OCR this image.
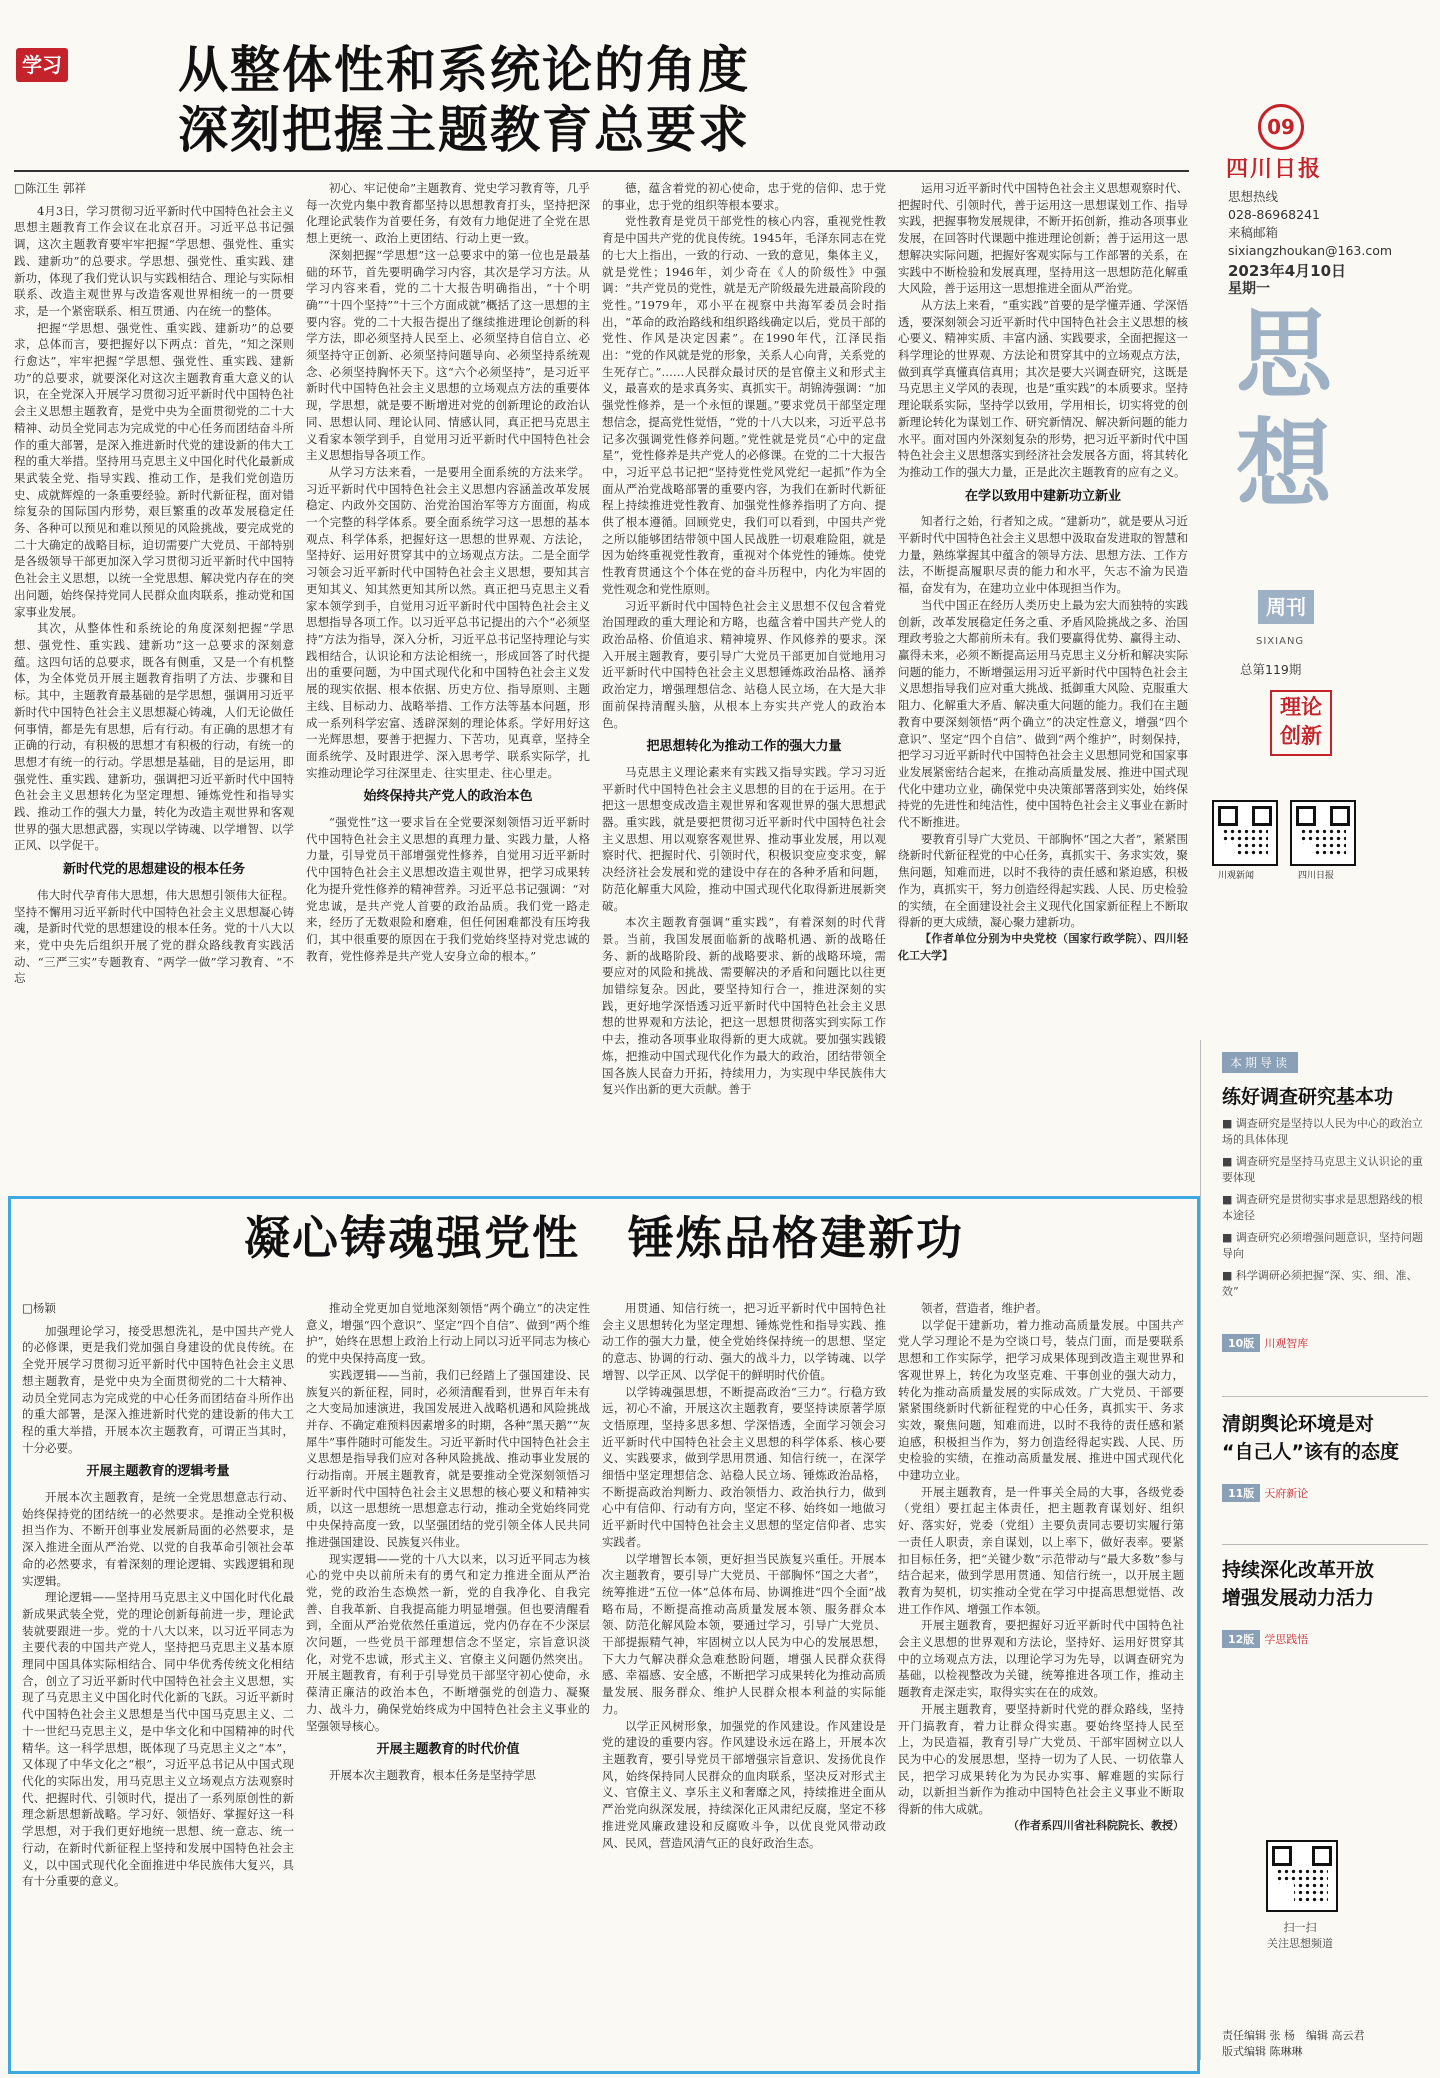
学习 从整体性和系统论的角度
深刻把握主题教育总要求	09
四川日报
思想热线
028-86968241
来稿邮箱
sixiangzhoukan@163.com
2023年4月10日
星期一
思想
周刊
SIXIANG
总第119期
理论
创新
川观新闻	四川日报

□陈江生 郭祥

4月3日，学习贯彻习近平新时代中国特色社会主义思想主题教育工作会议在北京召开。习近平总书记强调，这次主题教育要牢牢把握“学思想、强党性、重实践、建新功”的总要求。学思想、强党性、重实践、建新功，体现了我们党认识与实践相结合、理论与实际相联系、改造主观世界与改造客观世界相统一的一贯要求，是一个紧密联系、相互贯通、内在统一的整体。

把握“学思想、强党性、重实践、建新功”的总要求，总体而言，要把握好以下两点：首先，“知之深则行愈达”，牢牢把握“学思想、强党性、重实践、建新功”的总要求，就要深化对这次主题教育重大意义的认识，在全党深入开展学习贯彻习近平新时代中国特色社会主义思想主题教育，是党中央为全面贯彻党的二十大精神、动员全党同志为完成党的中心任务而团结奋斗所作的重大部署，是深入推进新时代党的建设新的伟大工程的重大举措。坚持用马克思主义中国化时代化最新成果武装全党、指导实践、推动工作，是我们党创造历史、成就辉煌的一条重要经验。新时代新征程，面对错综复杂的国际国内形势，艰巨繁重的改革发展稳定任务、各种可以预见和难以预见的风险挑战，要完成党的二十大确定的战略目标，迫切需要广大党员、干部特别是各级领导干部更加深入学习贯彻习近平新时代中国特色社会主义思想，以统一全党思想、解决党内存在的突出问题，始终保持党同人民群众血肉联系，推动党和国家事业发展。

其次，从整体性和系统论的角度深刻把握“学思想、强党性、重实践、建新功”这一总要求的深刻意蕴。这四句话的总要求，既各有侧重，又是一个有机整体，为全体党员开展主题教育指明了方法、步骤和目标。其中，主题教育最基础的是学思想，强调用习近平新时代中国特色社会主义思想凝心铸魂，人们无论做任何事情，都是先有思想，后有行动。有正确的思想才有正确的行动，有积极的思想才有积极的行动，有统一的思想才有统一的行动。学思想是基础，目的是运用，即强党性、重实践、建新功，强调把习近平新时代中国特色社会主义思想转化为坚定理想、锤炼党性和指导实践、推动工作的强大力量，转化为改造主观世界和客观世界的强大思想武器，实现以学铸魂、以学增智、以学正风、以学促干。

新时代党的思想建设的根本任务

伟大时代孕育伟大思想，伟大思想引领伟大征程。坚持不懈用习近平新时代中国特色社会主义思想凝心铸魂，是新时代党的思想建设的根本任务。党的十八大以来，党中央先后组织开展了党的群众路线教育实践活动、“三严三实”专题教育、“两学一做”学习教育、“不忘

初心、牢记使命”主题教育、党史学习教育等，几乎每一次党内集中教育都坚持以思想教育打头，坚持把深化理论武装作为首要任务，有效有力地促进了全党在思想上更统一、政治上更团结、行动上更一致。

深刻把握“学思想”这一总要求中的第一位也是最基础的环节，首先要明确学习内容，其次是学习方法。从学习内容来看，党的二十大报告明确指出，“十个明确”“十四个坚持”“十三个方面成就”概括了这一思想的主要内容。党的二十大报告提出了继续推进理论创新的科学方法，即必须坚持人民至上、必须坚持自信自立、必须坚持守正创新、必须坚持问题导向、必须坚持系统观念、必须坚持胸怀天下。这“六个必须坚持”，是习近平新时代中国特色社会主义思想的立场观点方法的重要体现，学思想，就是要不断增进对党的创新理论的政治认同、思想认同、理论认同、情感认同，真正把马克思主义看家本领学到手，自觉用习近平新时代中国特色社会主义思想指导各项工作。

从学习方法来看，一是要用全面系统的方法来学。习近平新时代中国特色社会主义思想内容涵盖改革发展稳定、内政外交国防、治党治国治军等方方面面，构成一个完整的科学体系。要全面系统学习这一思想的基本观点、科学体系，把握好这一思想的世界观、方法论，坚持好、运用好贯穿其中的立场观点方法。二是全面学习领会习近平新时代中国特色社会主义思想，要知其言更知其义、知其然更知其所以然。真正把马克思主义看家本领学到手，自觉用习近平新时代中国特色社会主义思想指导各项工作。以习近平总书记提出的六个“必须坚持”方法为指导，深入分析，习近平总书记坚持理论与实践相结合，认识论和方法论相统一，形成回答了时代提出的重要问题，为中国式现代化和中国特色社会主义发展的现实依据、根本依据、历史方位、指导原则、主题主线、目标动力、战略举措、工作方法等基本问题，形成一系列科学宏富、透辟深刻的理论体系。学好用好这一光辉思想，要善于把握力、下苦功，见真章，坚持全面系统学、及时跟进学、深入思考学、联系实际学，扎实推动理论学习往深里走、往实里走、往心里走。

始终保持共产党人的政治本色

“强党性”这一要求旨在全党要深刻领悟习近平新时代中国特色社会主义思想的真理力量、实践力量，人格力量，引导党员干部增强党性修养，自觉用习近平新时代中国特色社会主义思想改造主观世界，把学习成果转化为提升党性修养的精神营养。习近平总书记强调：“对党忠诚，是共产党人首要的政治品质。我们党一路走来，经历了无数艰险和磨难，但任何困难都没有压垮我们，其中很重要的原因在于我们党始终坚持对党忠诚的教育，党性修养是共产党人安身立命的根本。”

德，蕴含着党的初心使命，忠于党的信仰、忠于党的事业，忠于党的组织等根本要求。

党性教育是党员干部党性的核心内容，重视党性教育是中国共产党的优良传统。1945年，毛泽东同志在党的七大上指出，一致的行动、一致的意见，集体主义，就是党性；1946年，刘少奇在《人的阶级性》中强调：“共产党员的党性，就是无产阶级最先进最高阶段的党性。”1979年，邓小平在视察中共海军委员会时指出，“革命的政治路线和组织路线确定以后，党员干部的党性、作风是决定因素”。在1990年代，江泽民指出：“党的作风就是党的形象，关系人心向背，关系党的生死存亡。”……人民群众最讨厌的是官僚主义和形式主义，最喜欢的是求真务实、真抓实干。胡锦涛强调：“加强党性修养，是一个永恒的课题。”要求党员干部坚定理想信念，提高党性觉悟，“党的十八大以来，习近平总书记多次强调党性修养问题。”党性就是党员“心中的定盘星”，党性修养是共产党人的必修课。在党的二十大报告中，习近平总书记把“坚持党性党风党纪一起抓”作为全面从严治党战略部署的重要内容，为我们在新时代新征程上持续推进党性教育、加强党性修养指明了方向、提供了根本遵循。回顾党史，我们可以看到，中国共产党之所以能够团结带领中国人民战胜一切艰难险阻，就是因为始终重视党性教育，重视对个体党性的锤炼。使党性教育贯通这个个体在党的奋斗历程中，内化为牢固的党性观念和党性原则。

习近平新时代中国特色社会主义思想不仅包含着党治国理政的重大理论和方略，也蕴含着中国共产党人的政治品格、价值追求、精神境界、作风修养的要求。深入开展主题教育，要引导广大党员干部更加自觉地用习近平新时代中国特色社会主义思想锤炼政治品格、涵养政治定力，增强理想信念、站稳人民立场，在大是大非面前保持清醒头脑，从根本上夯实共产党人的政治本色。

把思想转化为推动工作的强大力量

马克思主义理论素来有实践又指导实践。学习习近平新时代中国特色社会主义思想的目的在于运用。在于把这一思想变成改造主观世界和客观世界的强大思想武器。重实践，就是要把贯彻习近平新时代中国特色社会主义思想、用以观察客观世界、推动事业发展，用以观察时代、把握时代、引领时代，积极识变应变求变，解决经济社会发展和党的建设中存在的各种矛盾和问题，防范化解重大风险，推动中国式现代化取得新进展新突破。

本次主题教育强调“重实践”，有着深刻的时代背景。当前，我国发展面临新的战略机遇、新的战略任务、新的战略阶段、新的战略要求、新的战略环境，需要应对的风险和挑战、需要解决的矛盾和问题比以往更加错综复杂。因此，要坚持知行合一，推进深刻的实践，更好地学深悟透习近平新时代中国特色社会主义思想的世界观和方法论，把这一思想贯彻落实到实际工作中去，推动各项事业取得新的更大成就。要加强实践锻炼，把推动中国式现代化作为最大的政治，团结带领全国各族人民奋力开拓，持续用力，为实现中华民族伟大复兴作出新的更大贡献。善于

运用习近平新时代中国特色社会主义思想观察时代、把握时代、引领时代，善于运用这一思想谋划工作、指导实践，把握事物发展规律，不断开拓创新，推动各项事业发展，在回答时代课题中推进理论创新；善于运用这一思想解决实际问题，把握好客观实际与工作部署的关系，在实践中不断检验和发展真理，坚持用这一思想防范化解重大风险，善于运用这一思想推进全面从严治党。

从方法上来看，“重实践”首要的是学懂弄通、学深悟透，要深刻领会习近平新时代中国特色社会主义思想的核心要义、精神实质、丰富内涵、实践要求，全面把握这一科学理论的世界观、方法论和贯穿其中的立场观点方法，做到真学真懂真信真用；其次是要大兴调查研究，这既是马克思主义学风的表现，也是“重实践”的本质要求。坚持理论联系实际，坚持学以致用，学用相长，切实将党的创新理论转化为谋划工作、研究新情况、解决新问题的能力水平。面对国内外深刻复杂的形势，把习近平新时代中国特色社会主义思想落实到经济社会发展各方面，将其转化为推动工作的强大力量，正是此次主题教育的应有之义。

在学以致用中建新功立新业

知者行之始，行者知之成。“建新功”，就是要从习近平新时代中国特色社会主义思想中汲取奋发进取的智慧和力量，熟练掌握其中蕴含的领导方法、思想方法、工作方法，不断提高履职尽责的能力和水平，矢志不渝为民造福，奋发有为，在建功立业中体现担当作为。

当代中国正在经历人类历史上最为宏大而独特的实践创新，改革发展稳定任务之重、矛盾风险挑战之多、治国理政考验之大都前所未有。我们要赢得优势、赢得主动、赢得未来，必须不断提高运用马克思主义分析和解决实际问题的能力，不断增强运用习近平新时代中国特色社会主义思想指导我们应对重大挑战、抵御重大风险、克服重大阻力、化解重大矛盾、解决重大问题的能力。我们在主题教育中要深刻领悟“两个确立”的决定性意义，增强“四个意识”、坚定“四个自信”、做到“两个维护”，时刻保持，把学习习近平新时代中国特色社会主义思想同党和国家事业发展紧密结合起来，在推动高质量发展、推进中国式现代化中建功立业，确保党中央决策部署落到实处，始终保持党的先进性和纯洁性，使中国特色社会主义事业在新时代不断推进。

要教育引导广大党员、干部胸怀“国之大者”，紧紧围绕新时代新征程党的中心任务，真抓实干、务求实效，聚焦问题，知难而进，以时不我待的责任感和紧迫感，积极作为，真抓实干，努力创造经得起实践、人民、历史检验的实绩，在全面建设社会主义现代化国家新征程上不断取得新的更大成绩，凝心聚力建新功。

【作者单位分别为中央党校（国家行政学院）、四川轻化工大学】

凝心铸魂强党性　锤炼品格建新功

□杨颖

加强理论学习，接受思想洗礼，是中国共产党人的必修课，更是我们党加强自身建设的优良传统。在全党开展学习贯彻习近平新时代中国特色社会主义思想主题教育，是党中央为全面贯彻党的二十大精神、动员全党同志为完成党的中心任务而团结奋斗所作出的重大部署，是深入推进新时代党的建设新的伟大工程的重大举措，开展本次主题教育，可谓正当其时，十分必要。

开展主题教育的逻辑考量

开展本次主题教育，是统一全党思想意志行动、始终保持党的团结统一的必然要求。是推动全党积极担当作为、不断开创事业发展新局面的必然要求，是深入推进全面从严治党、以党的自我革命引领社会革命的必然要求，有着深刻的理论逻辑、实践逻辑和现实逻辑。

理论逻辑——坚持用马克思主义中国化时代化最新成果武装全党，党的理论创新每前进一步，理论武装就要跟进一步。党的十八大以来，以习近平同志为主要代表的中国共产党人，坚持把马克思主义基本原理同中国具体实际相结合、同中华优秀传统文化相结合，创立了习近平新时代中国特色社会主义思想，实现了马克思主义中国化时代化新的飞跃。习近平新时代中国特色社会主义思想是当代中国马克思主义、二十一世纪马克思主义，是中华文化和中国精神的时代精华。这一科学思想，既体现了马克思主义之“本”，又体现了中华文化之“根”，习近平总书记从中国式现代化的实际出发，用马克思主义立场观点方法观察时代、把握时代、引领时代，提出了一系列原创性的新理念新思想新战略。学习好、领悟好、掌握好这一科学思想，对于我们更好地统一思想、统一意志、统一行动，在新时代新征程上坚持和发展中国特色社会主义，以中国式现代化全面推进中华民族伟大复兴，具有十分重要的意义。

推动全党更加自觉地深刻领悟“两个确立”的决定性意义，增强“四个意识”、坚定“四个自信”、做到“两个维护”，始终在思想上政治上行动上同以习近平同志为核心的党中央保持高度一致。

实践逻辑——当前，我们已经踏上了强国建设、民族复兴的新征程，同时，必须清醒看到，世界百年未有之大变局加速演进，我国发展进入战略机遇和风险挑战并存、不确定难预料因素增多的时期，各种“黑天鹅”“灰犀牛”事件随时可能发生。习近平新时代中国特色社会主义思想是指导我们应对各种风险挑战、推动事业发展的行动指南。开展主题教育，就是要推动全党深刻领悟习近平新时代中国特色社会主义思想的核心要义和精神实质，以这一思想统一思想意志行动，推动全党始终同党中央保持高度一致，以坚强团结的党引领全体人民共同推进强国建设、民族复兴伟业。

现实逻辑——党的十八大以来，以习近平同志为核心的党中央以前所未有的勇气和定力推进全面从严治党，党的政治生态焕然一新，党的自我净化、自我完善、自我革新、自我提高能力明显增强。但也要清醒看到，全面从严治党依然任重道远，党内仍存在不少深层次问题，一些党员干部理想信念不坚定，宗旨意识淡化，对党不忠诚，形式主义、官僚主义问题仍然突出。开展主题教育，有利于引导党员干部坚守初心使命，永葆清正廉洁的政治本色，不断增强党的创造力、凝聚力、战斗力，确保党始终成为中国特色社会主义事业的坚强领导核心。

开展主题教育的时代价值

开展本次主题教育，根本任务是坚持学思

用贯通、知信行统一，把习近平新时代中国特色社会主义思想转化为坚定理想、锤炼党性和指导实践、推动工作的强大力量，使全党始终保持统一的思想、坚定的意志、协调的行动、强大的战斗力，以学铸魂、以学增智、以学正风、以学促干的鲜明时代价值。

以学铸魂强思想，不断提高政治“三力”。行稳方致远，初心不渝，开展这次主题教育，要坚持读原著学原文悟原理，坚持多思多想、学深悟透，全面学习领会习近平新时代中国特色社会主义思想的科学体系、核心要义、实践要求，做到学思用贯通、知信行统一，在深学细悟中坚定理想信念、站稳人民立场、锤炼政治品格，不断提高政治判断力、政治领悟力、政治执行力，做到心中有信仰、行动有方向，坚定不移、始终如一地做习近平新时代中国特色社会主义思想的坚定信仰者、忠实实践者。

以学增智长本领，更好担当民族复兴重任。开展本次主题教育，要引导广大党员、干部胸怀“国之大者”，统筹推进“五位一体”总体布局、协调推进“四个全面”战略布局，不断提高推动高质量发展本领、服务群众本领、防范化解风险本领，要通过学习，引导广大党员、干部提振精气神，牢固树立以人民为中心的发展思想，下大力气解决群众急难愁盼问题，增强人民群众获得感、幸福感、安全感，不断把学习成果转化为推动高质量发展、服务群众、维护人民群众根本利益的实际能力。

以学正风树形象，加强党的作风建设。作风建设是党的建设的重要内容。作风建设永远在路上，开展本次主题教育，要引导党员干部增强宗旨意识、发扬优良作风，始终保持同人民群众的血肉联系，坚决反对形式主义、官僚主义、享乐主义和奢靡之风，持续推进全面从严治党向纵深发展，持续深化正风肃纪反腐，坚定不移推进党风廉政建设和反腐败斗争，以优良党风带动政风、民风，营造风清气正的良好政治生态。

领者，营造者，维护者。

以学促干建新功，着力推动高质量发展。中国共产党人学习理论不是为空谈口号，装点门面，而是要联系思想和工作实际学，把学习成果体现到改造主观世界和客观世界上，转化为攻坚克难、干事创业的强大动力，转化为推动高质量发展的实际成效。广大党员、干部要紧紧围绕新时代新征程党的中心任务，真抓实干、务求实效，聚焦问题，知难而进，以时不我待的责任感和紧迫感，积极担当作为，努力创造经得起实践、人民、历史检验的实绩，在推动高质量发展、推进中国式现代化中建功立业。

开展主题教育，是一件事关全局的大事，各级党委（党组）要扛起主体责任，把主题教育谋划好、组织好、落实好，党委（党组）主要负责同志要切实履行第一责任人职责，亲自谋划，以上率下，做好表率。要紧扣目标任务，把“关键少数”示范带动与“最大多数”参与结合起来，做到学思用贯通、知信行统一，以开展主题教育为契机，切实推动全党在学习中提高思想觉悟、改进工作作风、增强工作本领。

开展主题教育，要把握好习近平新时代中国特色社会主义思想的世界观和方法论，坚持好、运用好贯穿其中的立场观点方法，以理论学习为先导，以调查研究为基础，以检视整改为关键，统筹推进各项工作，推动主题教育走深走实，取得实实在在的成效。

开展主题教育，要坚持新时代党的群众路线，坚持开门搞教育，着力让群众得实惠。要始终坚持人民至上，为民造福，教育引导广大党员、干部牢固树立以人民为中心的发展思想，坚持一切为了人民、一切依靠人民，把学习成果转化为为民办实事、解难题的实际行动，以新担当新作为推动中国特色社会主义事业不断取得新的伟大成就。

（作者系四川省社科院院长、教授）

本期导读
练好调查研究基本功
■ 调查研究是坚持以人民为中心的政治立场的具体体现
■ 调查研究是坚持马克思主义认识论的重要体现
■ 调查研究是贯彻实事求是思想路线的根本途径
■ 调查研究必须增强问题意识，坚持问题导向
■ 科学调研必须把握“深、实、细、准、效”
10版 川观智库
清朗舆论环境是对
“自己人”该有的态度
11版 天府新论
持续深化改革开放
增强发展动力活力
12版 学思践悟
扫一扫
关注思想频道
责任编辑 张 杨　编辑 高云君
版式编辑 陈琳琳
